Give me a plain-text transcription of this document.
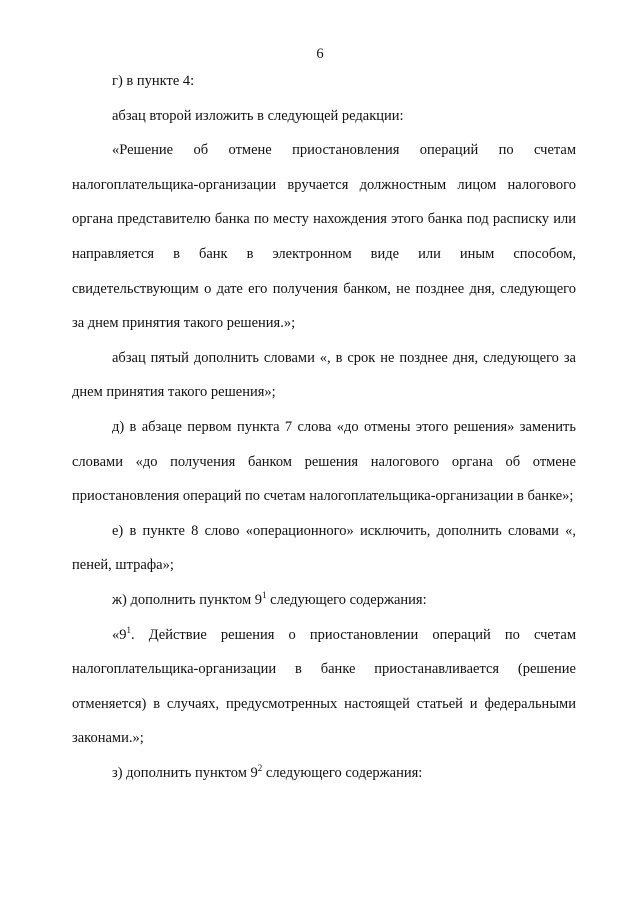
6

г) в пункте 4:

абзац второй изложить в следующей редакции:

«Решение об отмене приостановления операций по счетам налогоплательщика-организации вручается должностным лицом налогового органа представителю банка по месту нахождения этого банка под расписку или направляется в банк в электронном виде или иным способом, свидетельствующим о дате его получения банком, не позднее дня, следующего за днем принятия такого решения.»;

абзац пятый дополнить словами «, в срок не позднее дня, следующего за днем принятия такого решения»;

д) в абзаце первом пункта 7 слова «до отмены этого решения» заменить словами «до получения банком решения налогового органа об отмене приостановления операций по счетам налогоплательщика-организации в банке»;

е) в пункте 8 слово «операционного» исключить, дополнить словами «, пеней, штрафа»;

ж) дополнить пунктом $9^1$ следующего содержания:

«$9^1$. Действие решения о приостановлении операций по счетам налогоплательщика-организации в банке приостанавливается (решение отменяется) в случаях, предусмотренных настоящей статьей и федеральными законами.»;

з) дополнить пунктом $9^2$ следующего содержания:
